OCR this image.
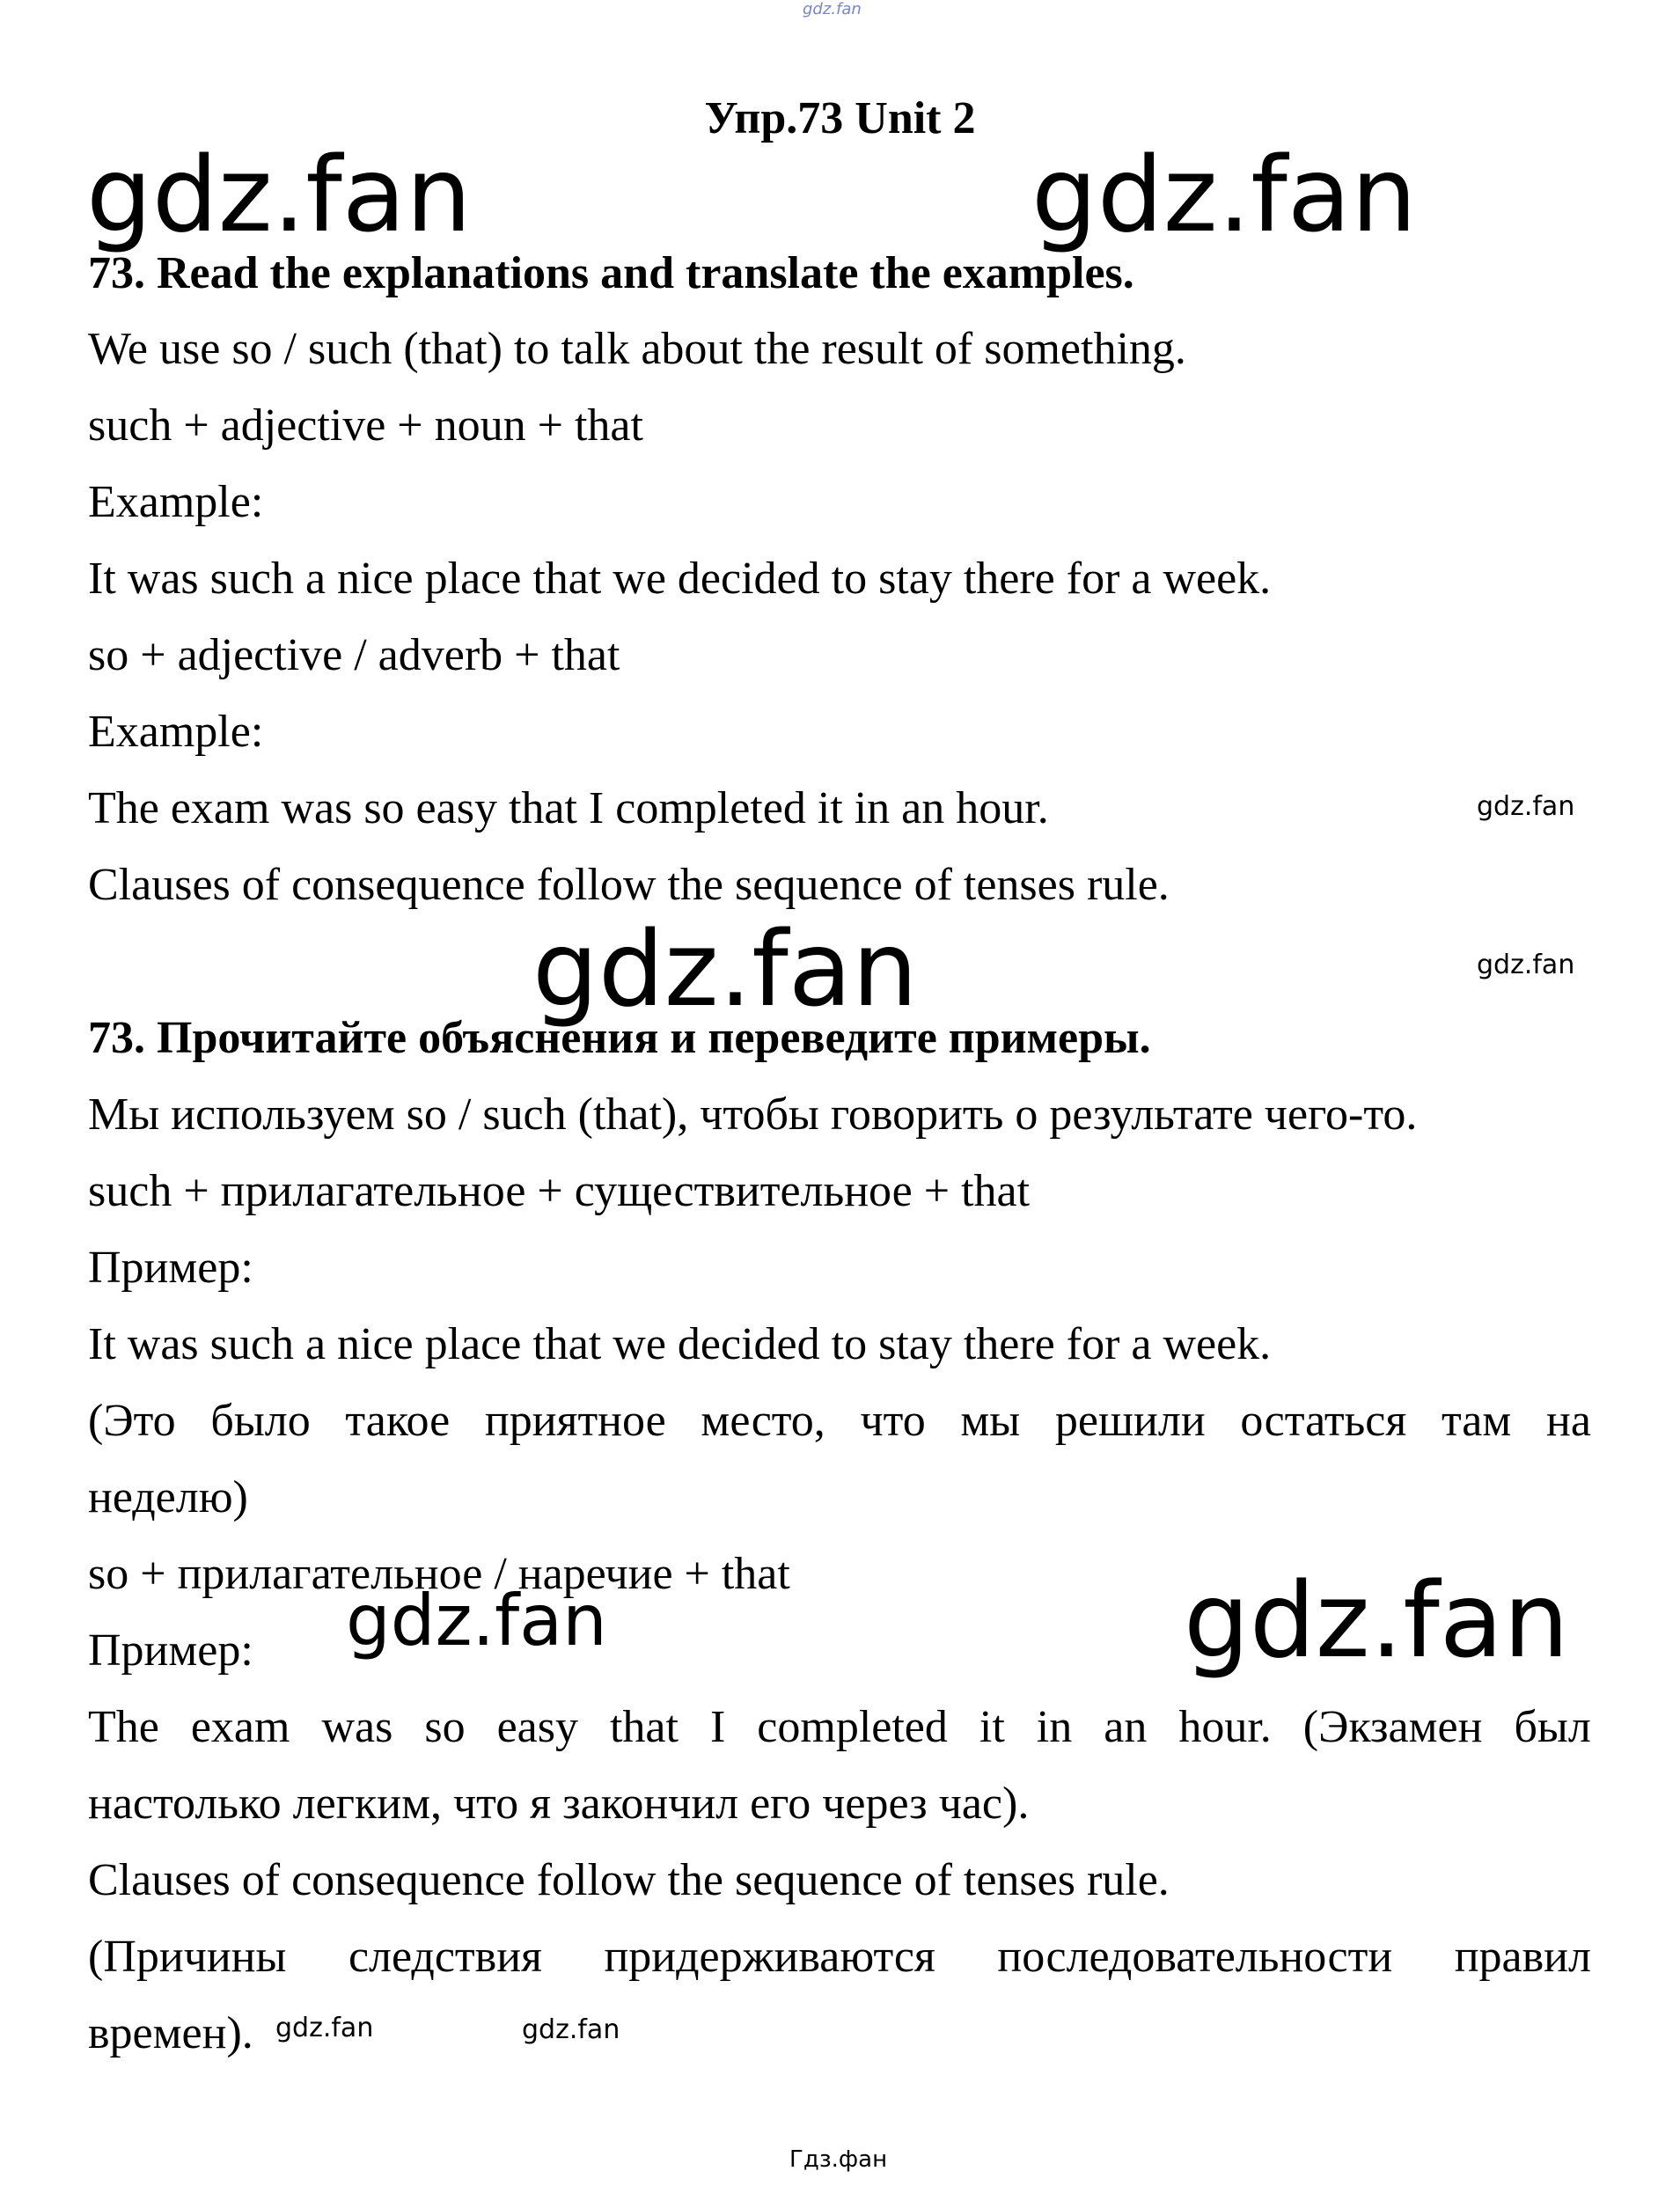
gdz.fan
gdz.fan	gdz.fan
gdz.fan
gdz.fan	gdz.fan
gdz.fan	gdz.fan
gdz.fan	gdz.fan
Гдз.фан
Упр.73 Unit 2
73. Read the explanations and translate the examples.
We use so / such (that) to talk about the result of something.
such + adjective + noun + that
Example:
It was such a nice place that we decided to stay there for a week.
so + adjective / adverb + that
Example:
The exam was so easy that I completed it in an hour.
Clauses of consequence follow the sequence of tenses rule.
73. Прочитайте объяснения и переведите примеры.
Мы используем so / such (that), чтобы говорить о результате чего-то.
such + прилагательное + существительное + that
Пример:
It was such a nice place that we decided to stay there for a week.
(Это было такое приятное место, что мы решили остаться там на
неделю)
so + прилагательное / наречие + that
Пример:
The exam was so easy that I completed it in an hour. (Экзамен был
настолько легким, что я закончил его через час).
Clauses of consequence follow the sequence of tenses rule.
(Причины следствия придерживаются последовательности правил
времен).
